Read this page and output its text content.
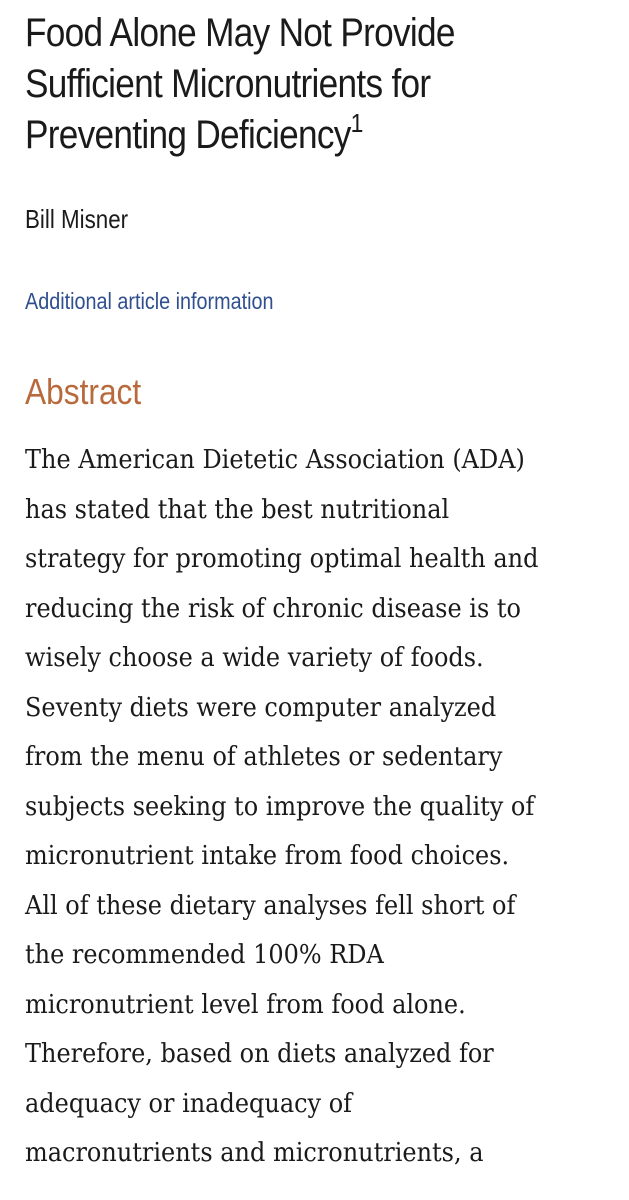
Food Alone May Not Provide Sufficient Micronutrients for Preventing Deficiency$^1$
Bill Misner
Additional article information
Abstract
The American Dietetic Association (ADA)
has stated that the best nutritional
strategy for promoting optimal health and
reducing the risk of chronic disease is to
wisely choose a wide variety of foods.
Seventy diets were computer analyzed
from the menu of athletes or sedentary
subjects seeking to improve the quality of
micronutrient intake from food choices.
All of these dietary analyses fell short of
the recommended 100% RDA
micronutrient level from food alone.
Therefore, based on diets analyzed for
adequacy or inadequacy of
macronutrients and micronutrients, a
